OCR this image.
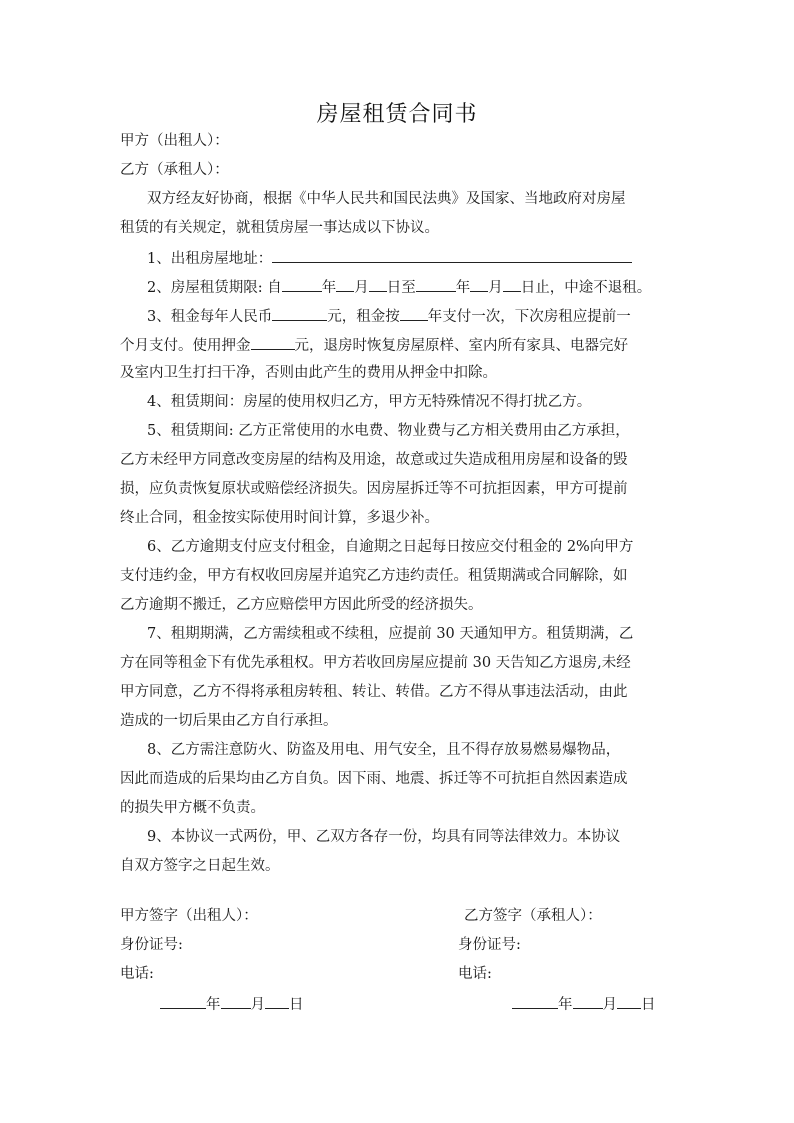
房屋租赁合同书
甲方（出租人）：
乙方（承租人）：
双方经友好协商，根据《中华人民共和国民法典》及国家、当地政府对房屋
租赁的有关规定，就租赁房屋一事达成以下协议。
1、出租房屋地址：
2、房屋租赁期限: 自	年 月 日至	年 月 日止，中途不退租。
3、租金每年人民币	元，租金按 年支付一次，下次房租应提前一
个月支付。使用押金	元，退房时恢复房屋原样、室内所有家具、电器完好
及室内卫生打扫干净，否则由此产生的费用从押金中扣除。
4、租赁期间：房屋的使用权归乙方，甲方无特殊情况不得打扰乙方。
5、租赁期间: 乙方正常使用的水电费、物业费与乙方相关费用由乙方承担，
乙方未经甲方同意改变房屋的结构及用途，故意或过失造成租用房屋和设备的毁
损，应负责恢复原状或赔偿经济损失。因房屋拆迁等不可抗拒因素，甲方可提前
终止合同，租金按实际使用时间计算，多退少补。
6、乙方逾期支付应支付租金，自逾期之日起每日按应交付租金的 2%向甲方
支付违约金，甲方有权收回房屋并追究乙方违约责任。租赁期满或合同解除，如
乙方逾期不搬迁，乙方应赔偿甲方因此所受的经济损失。
7、租期期满，乙方需续租或不续租，应提前 30 天通知甲方。租赁期满，乙
方在同等租金下有优先承租权。甲方若收回房屋应提前 30 天告知乙方退房,未经
甲方同意，乙方不得将承租房转租、转让、转借。乙方不得从事违法活动，由此
造成的一切后果由乙方自行承担。
8、乙方需注意防火、防盗及用电、用气安全，且不得存放易燃易爆物品，
因此而造成的后果均由乙方自负。因下雨、地震、拆迁等不可抗拒自然因素造成
的损失甲方概不负责。
9、本协议一式两份，甲、乙双方各存一份，均具有同等法律效力。本协议
自双方签字之日起生效。
甲方签字（出租人）：
身份证号:
电话:
年 月 日
乙方签字（承租人）：
身份证号:
电话:
年 月 日
